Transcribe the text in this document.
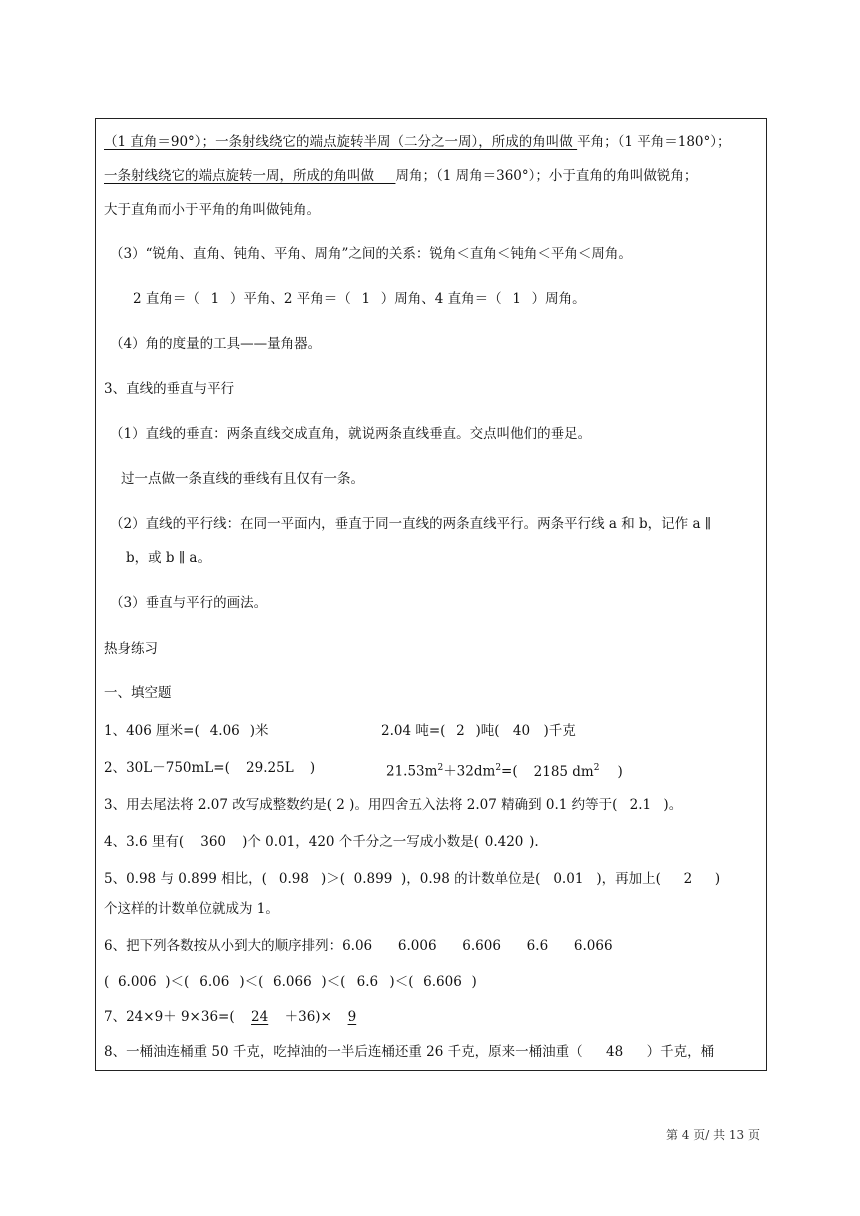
（1 直角＝90°）；一条射线绕它的端点旋转半周（二分之一周），所成的角叫做 平角；（1 平角＝180°）；
一条射线绕它的端点旋转一周，所成的角叫做     周角；（1 周角＝360°）；小于直角的角叫做锐角；
大于直角而小于平角的角叫做钝角。
（3）“锐角、直角、钝角、平角、周角”之间的关系：锐角＜直角＜钝角＜平角＜周角。
2 直角＝（ 1 ）平角、2 平角＝（ 1 ）周角、4 直角＝（ 1 ）周角。
（4）角的度量的工具——量角器。
3、直线的垂直与平行
（1）直线的垂直：两条直线交成直角，就说两条直线垂直。交点叫他们的垂足。
过一点做一条直线的垂线有且仅有一条。
（2）直线的平行线：在同一平面内，垂直于同一直线的两条直线平行。两条平行线 a 和 b，记作 a ∥
b，或 b ∥ a。
（3）垂直与平行的画法。
热身练习
一、填空题
1、406 厘米=( 4.06 )米	2.04 吨=( 2 )吨( 40 )千克
2、30L－750mL=( 29.25L )	$21.53m^2+32dm^2=$( 2185 $dm^2$ )
3、用去尾法将 2.07 改写成整数约是( 2 )。用四舍五入法将 2.07 精确到 0.1 约等于( 2.1 )。
4、3.6 里有( 360 )个 0.01，420 个千分之一写成小数是( 0.420 ).
5、0.98 与 0.899 相比，( 0.98 )＞( 0.899 )，0.98 的计数单位是( 0.01 )，再加上( 2 )
个这样的计数单位就成为 1。
6、把下列各数按从小到大的顺序排列：6.06      6.006      6.606      6.6      6.066
( 6.006 )＜( 6.06 )＜( 6.066 )＜( 6.6 )＜( 6.606 )
7、24×9＋ 9×36=( 24 ＋36)× 9
8、一桶油连桶重 50 千克，吃掉油的一半后连桶还重 26 千克，原来一桶油重（ 48 ）千克，桶
第 4 页/ 共 13 页
